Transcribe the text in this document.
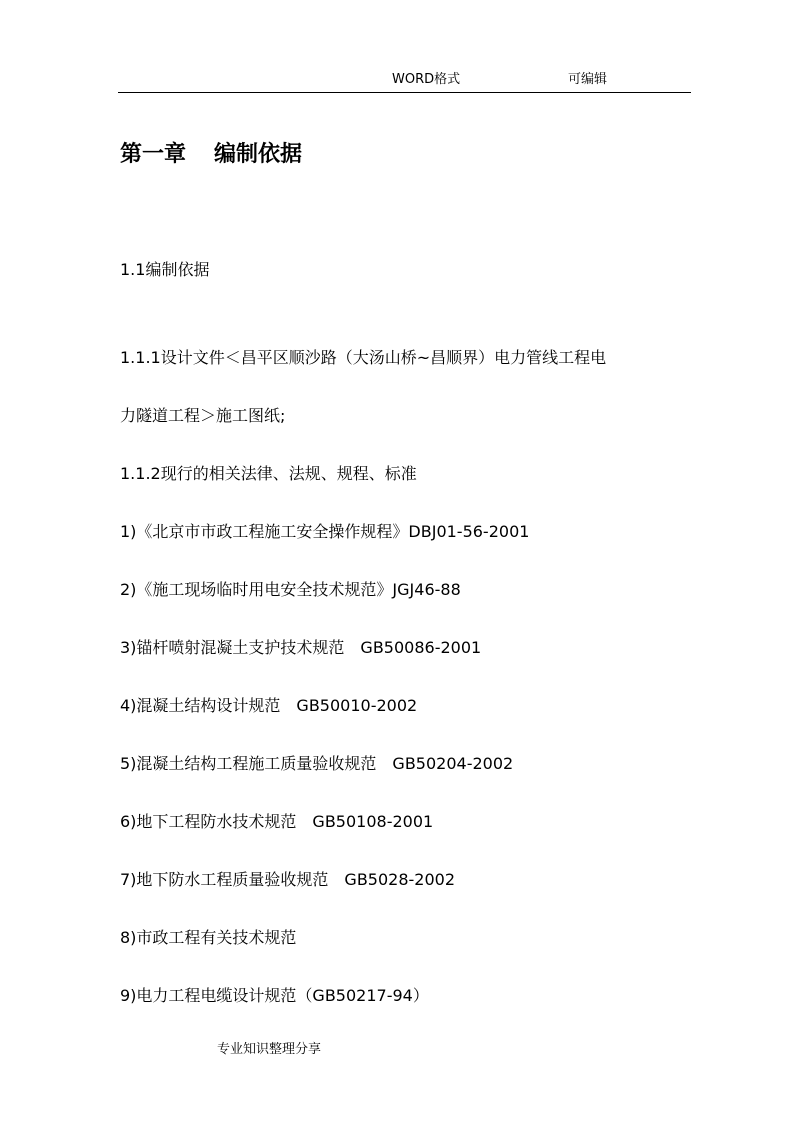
WORD格式	可编辑
第一章 编制依据
1.1编制依据
1.1.1设计文件＜昌平区顺沙路（大汤山桥~昌顺界）电力管线工程电
力隧道工程＞施工图纸;
1.1.2现行的相关法律、法规、规程、标准
1)《北京市市政工程施工安全操作规程》DBJ01-56-2001
2)《施工现场临时用电安全技术规范》JGJ46-88
3)锚杆喷射混凝土支护技术规范　GB50086-2001
4)混凝土结构设计规范　GB50010-2002
5)混凝土结构工程施工质量验收规范　GB50204-2002
6)地下工程防水技术规范　GB50108-2001
7)地下防水工程质量验收规范　GB5028-2002
8)市政工程有关技术规范
9)电力工程电缆设计规范（GB50217-94）
专业知识整理分享
